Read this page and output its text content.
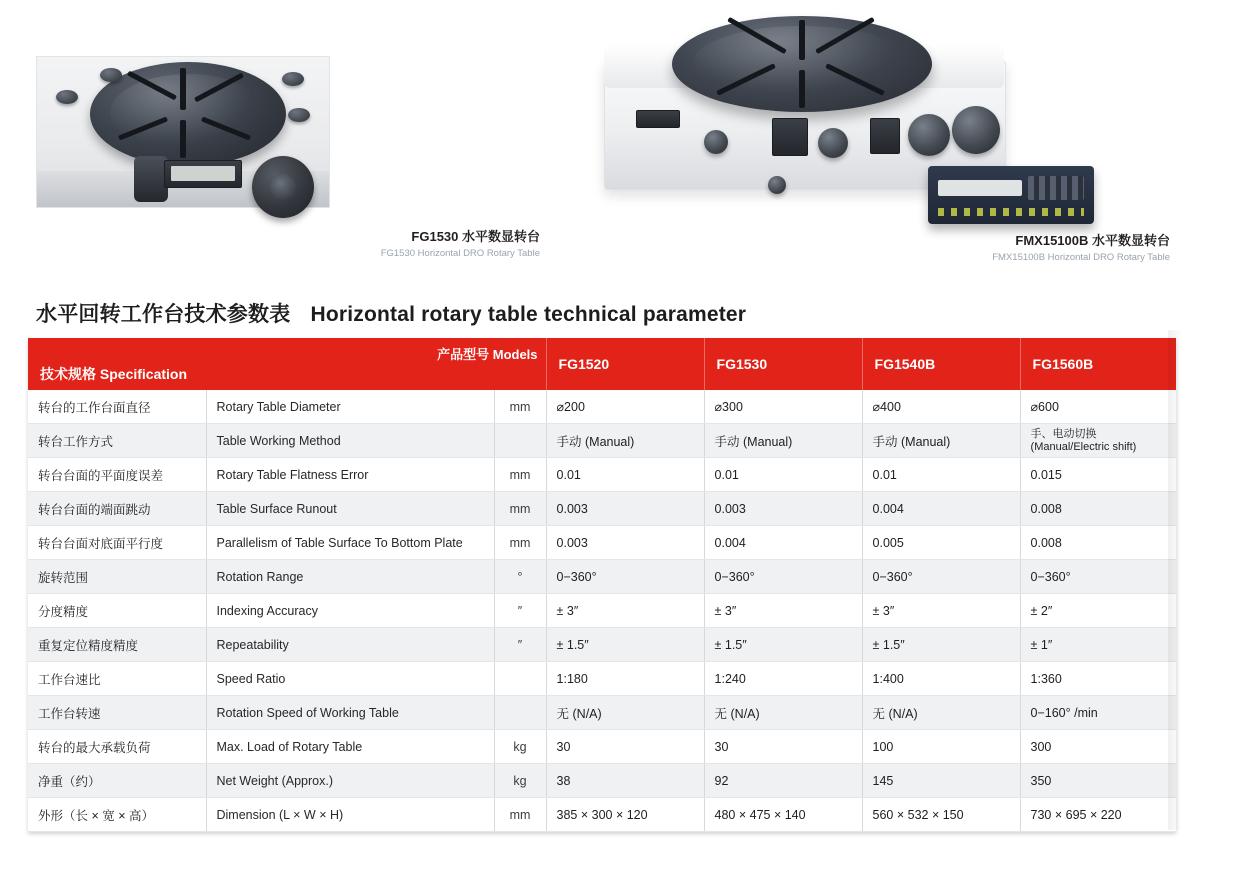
FG1530 水平数显转台
FG1530 Horizontal DRO Rotary Table
FMX15100B 水平数显转台
FMX15100B Horizontal DRO Rotary Table
水平回转工作台技术参数表 Horizontal rotary table technical parameter
产品型号 Models
技术规格 Specification			FG1520	FG1530	FG1540B	FG1560B
转台的工作台面直径	Rotary Table Diameter	mm	⌀200	⌀300	⌀400	⌀600
转台工作方式	Table Working Method		手动 (Manual)	手动 (Manual)	手动 (Manual)	手、电动切换
(Manual/Electric shift)

转台台面的平面度误差	Rotary Table Flatness Error	mm	0.01	0.01	0.01	0.015
转台台面的端面跳动	Table Surface Runout	mm	0.003	0.003	0.004	0.008
转台台面对底面平行度	Parallelism of Table Surface To Bottom Plate	mm	0.003	0.004	0.005	0.008
旋转范围	Rotation Range	°	0−360°	0−360°	0−360°	0−360°
分度精度	Indexing Accuracy	″	± 3″	± 3″	± 3″	± 2″
重复定位精度精度	Repeatability	″	± 1.5″	± 1.5″	± 1.5″	± 1″
工作台速比	Speed Ratio		1:180	1:240	1:400	1:360
工作台转速	Rotation Speed of Working Table		无 (N/A)	无 (N/A)	无 (N/A)	0−160° /min
转台的最大承载负荷	Max. Load of Rotary Table	kg	30	30	100	300
净重（约）	Net Weight (Approx.)	kg	38	92	145	350
外形（长 × 宽 × 高）	Dimension (L × W × H)	mm	385 × 300 × 120	480 × 475 × 140	560 × 532 × 150	730 × 695 × 220
